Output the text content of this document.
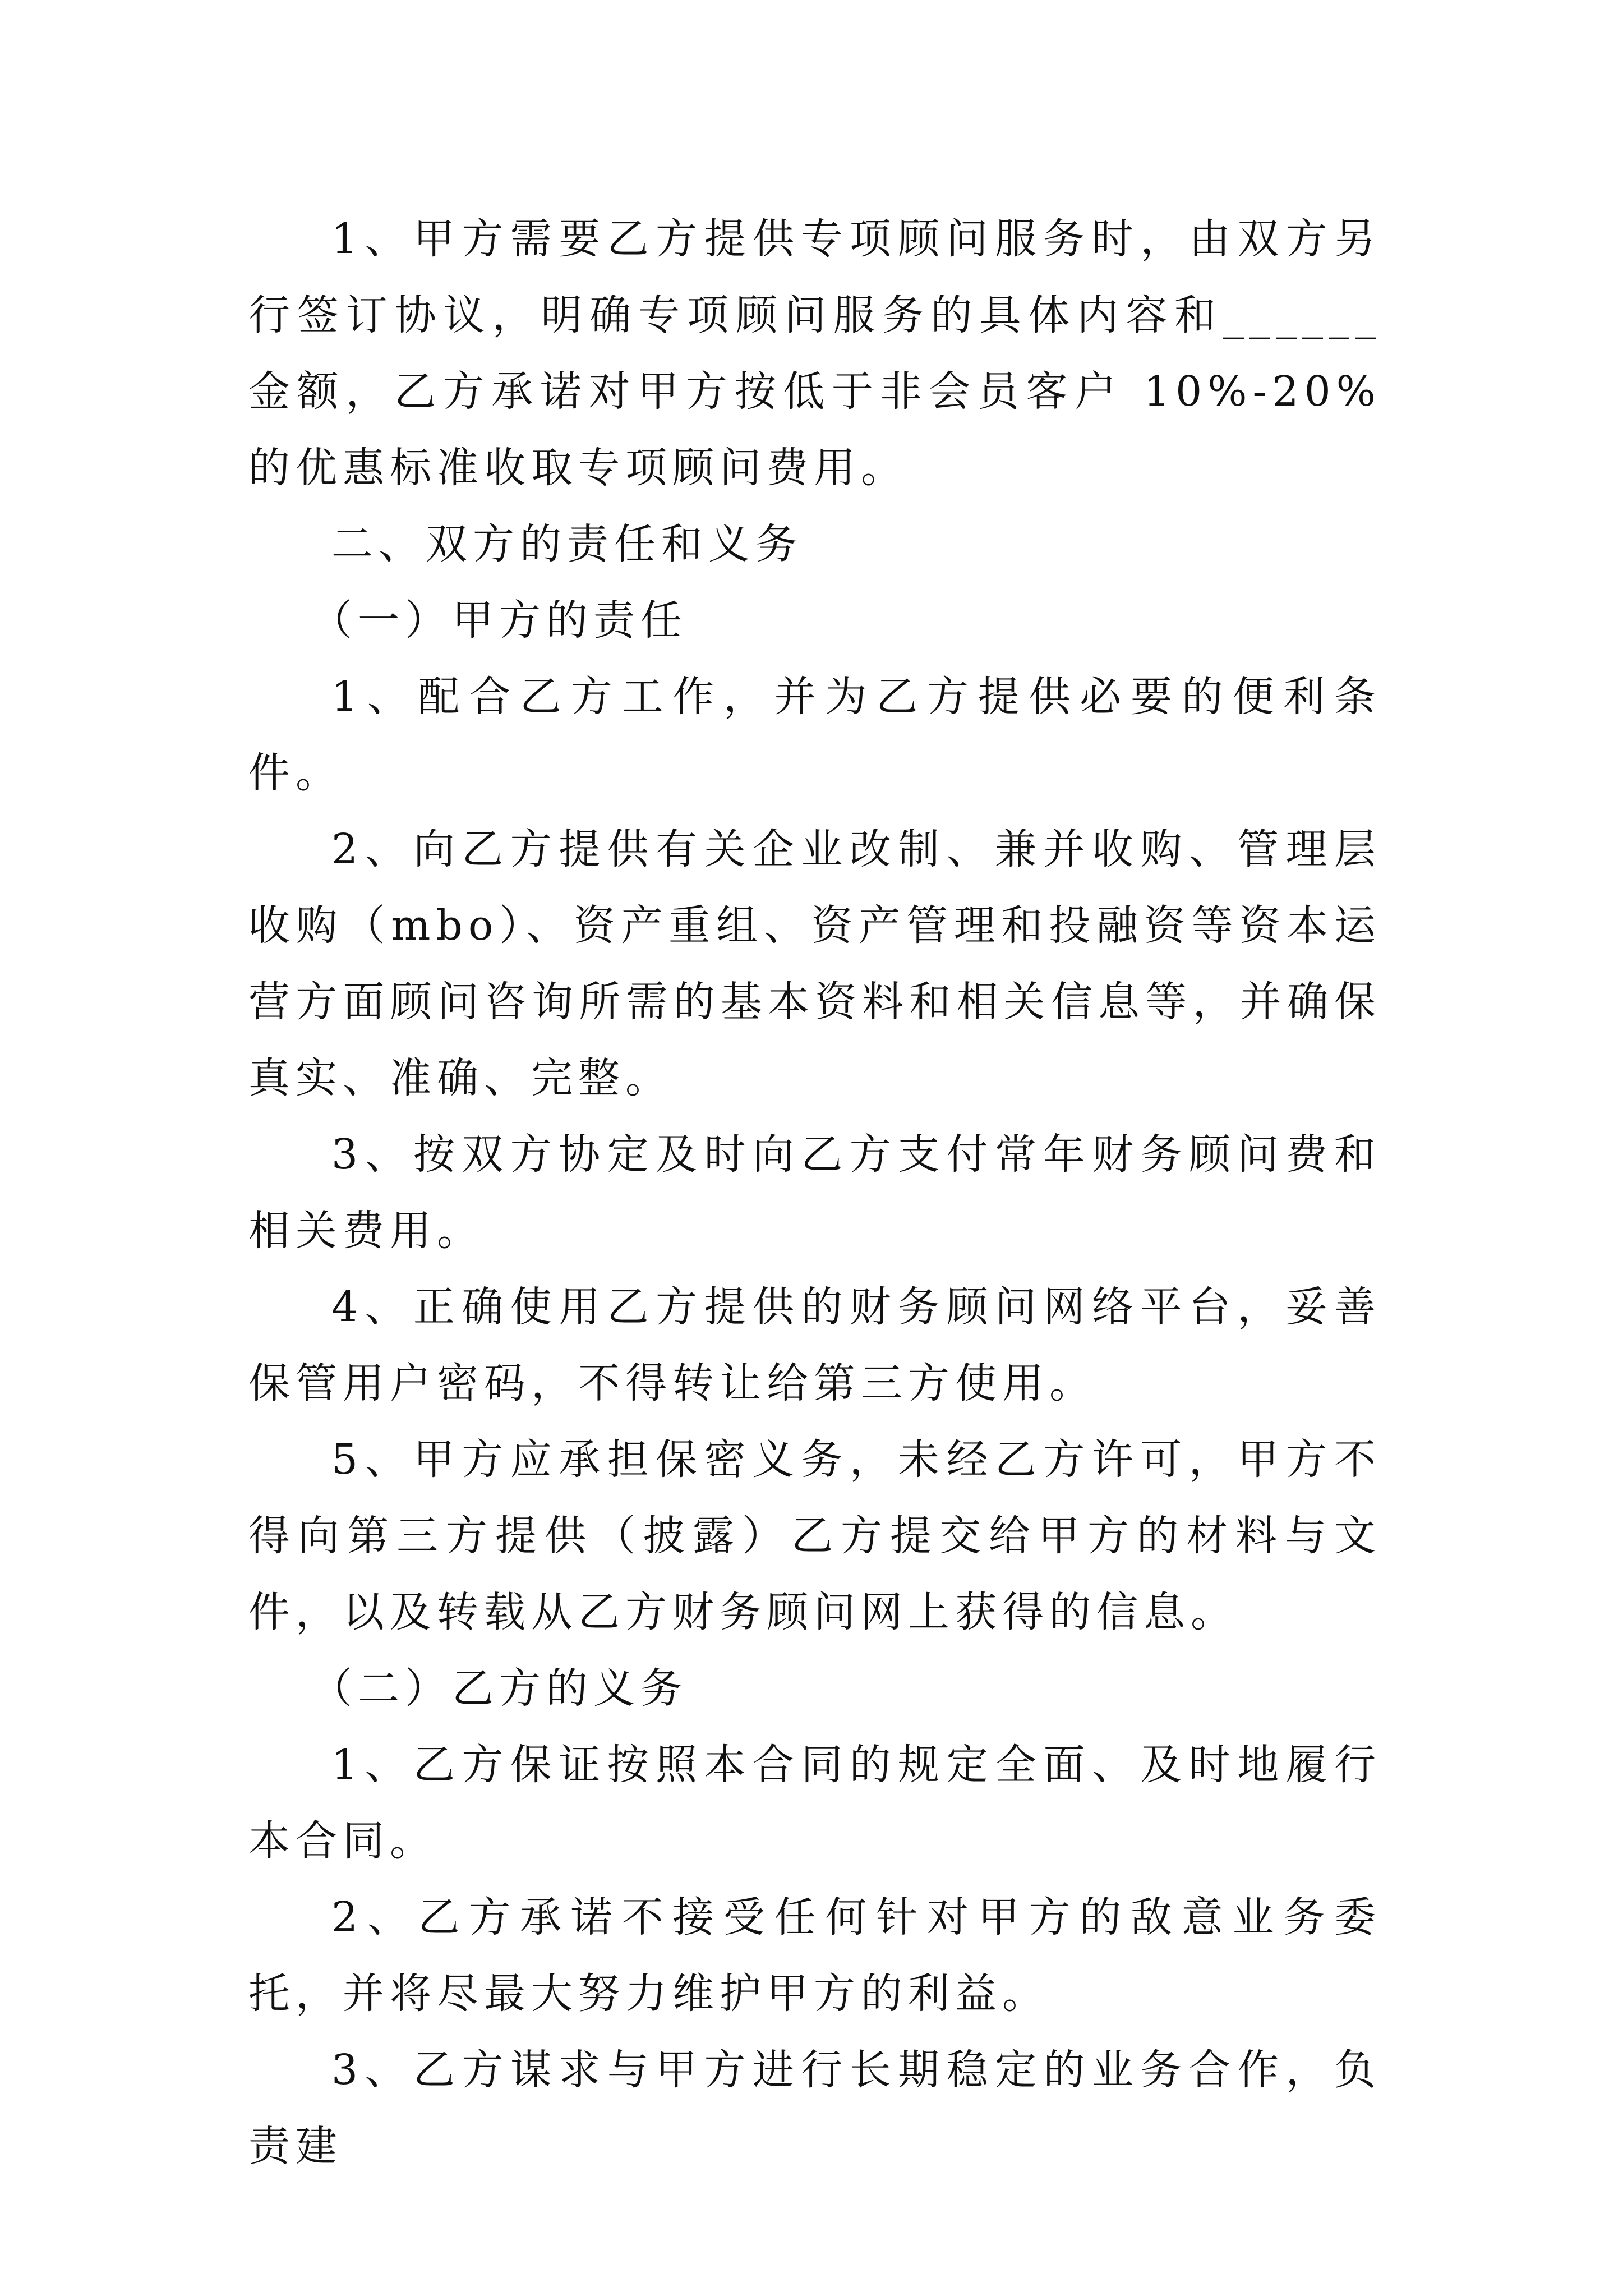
1、甲方需要乙方提供专项顾问服务时，由双方另行签订协议，明确专项顾问服务的具体内容和______金额，乙方承诺对甲方按低于非会员客户 10%-20%的优惠标准收取专项顾问费用。

二、双方的责任和义务

（一）甲方的责任

1、配合乙方工作，并为乙方提供必要的便利条件。

2、向乙方提供有关企业改制、兼并收购、管理层收购（mbo）、资产重组、资产管理和投融资等资本运营方面顾问咨询所需的基本资料和相关信息等，并确保真实、准确、完整。

3、按双方协定及时向乙方支付常年财务顾问费和相关费用。

4、正确使用乙方提供的财务顾问网络平台，妥善保管用户密码，不得转让给第三方使用。

5、甲方应承担保密义务，未经乙方许可，甲方不得向第三方提供（披露）乙方提交给甲方的材料与文件，以及转载从乙方财务顾问网上获得的信息。

（二）乙方的义务

1、乙方保证按照本合同的规定全面、及时地履行本合同。

2、乙方承诺不接受任何针对甲方的敌意业务委托，并将尽最大努力维护甲方的利益。

3、乙方谋求与甲方进行长期稳定的业务合作，负责建
